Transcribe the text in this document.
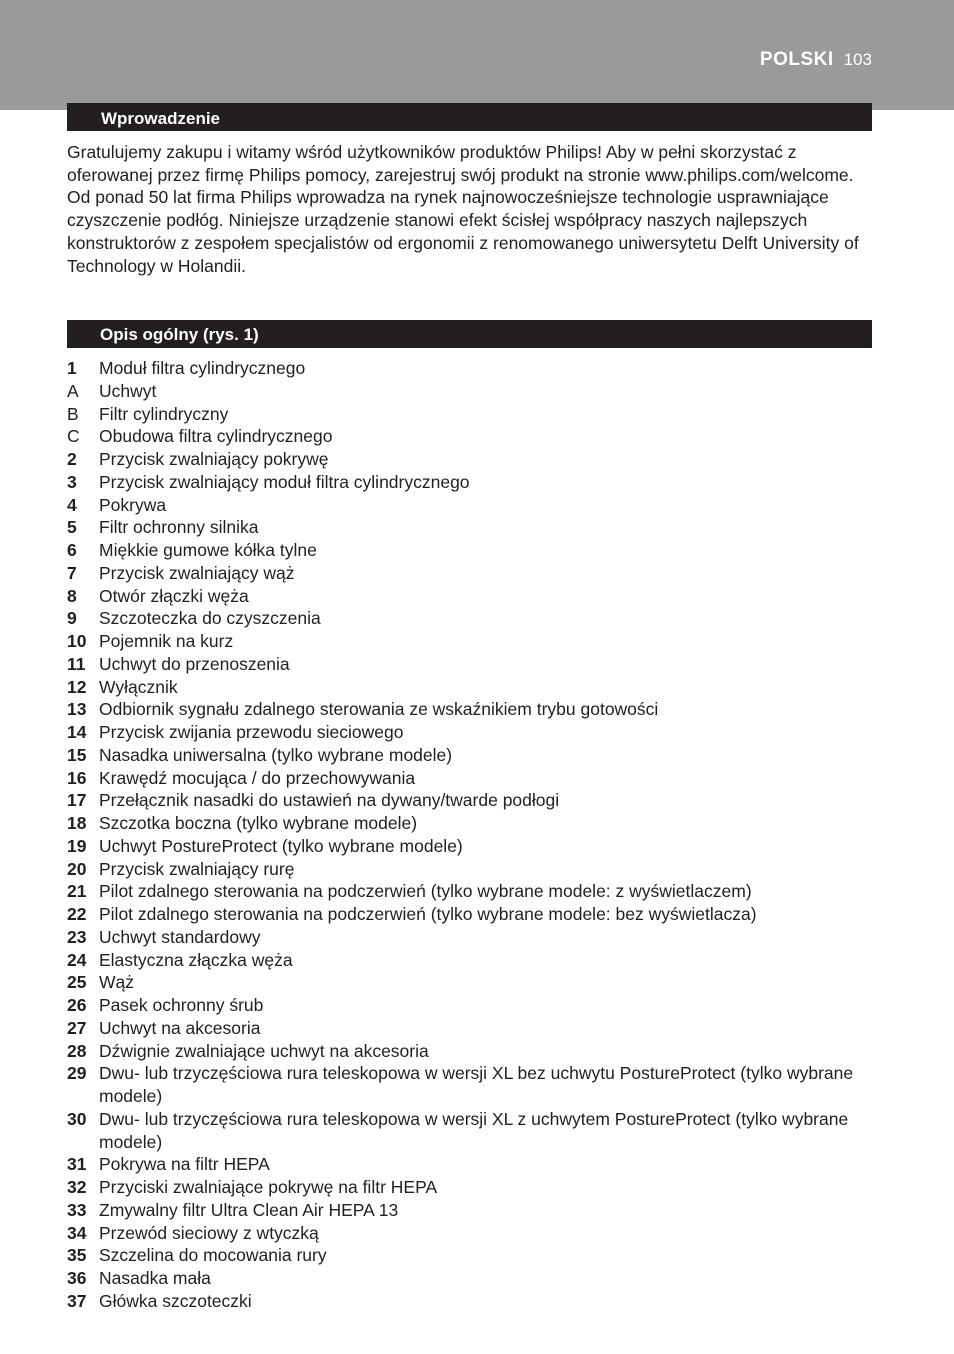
POLSKI 103
Wprowadzenie

Gratulujemy zakupu i witamy wśród użytkowników produktów Philips! Aby w pełni skorzystać z oferowanej przez firmę Philips pomocy, zarejestruj swój produkt na stronie www.philips.com/welcome.

Od ponad 50 lat firma Philips wprowadza na rynek najnowocześniejsze technologie usprawniające czyszczenie podłóg. Niniejsze urządzenie stanowi efekt ścisłej współpracy naszych najlepszych konstruktorów z zespołem specjalistów od ergonomii z renomowanego uniwersytetu Delft University of Technology w Holandii.

Opis ogólny (rys. 1)
1	Moduł filtra cylindrycznego
A	Uchwyt
B	Filtr cylindryczny
C	Obudowa filtra cylindrycznego
2	Przycisk zwalniający pokrywę
3	Przycisk zwalniający moduł filtra cylindrycznego
4	Pokrywa
5	Filtr ochronny silnika
6	Miękkie gumowe kółka tylne
7	Przycisk zwalniający wąż
8	Otwór złączki węża
9	Szczoteczka do czyszczenia
10 Pojemnik na kurz
11 Uchwyt do przenoszenia
12 Wyłącznik
13 Odbiornik sygnału zdalnego sterowania ze wskaźnikiem trybu gotowości
14 Przycisk zwijania przewodu sieciowego
15 Nasadka uniwersalna (tylko wybrane modele)
16 Krawędź mocująca / do przechowywania
17 Przełącznik nasadki do ustawień na dywany/twarde podłogi
18 Szczotka boczna (tylko wybrane modele)
19 Uchwyt PostureProtect (tylko wybrane modele)
20 Przycisk zwalniający rurę
21 Pilot zdalnego sterowania na podczerwień (tylko wybrane modele: z wyświetlaczem)
22 Pilot zdalnego sterowania na podczerwień (tylko wybrane modele: bez wyświetlacza)
23 Uchwyt standardowy
24 Elastyczna złączka węża
25 Wąż
26 Pasek ochronny śrub
27 Uchwyt na akcesoria
28 Dźwignie zwalniające uchwyt na akcesoria
29 Dwu- lub trzyczęściowa rura teleskopowa w wersji XL bez uchwytu PostureProtect (tylko wybrane modele)
30 Dwu- lub trzyczęściowa rura teleskopowa w wersji XL z uchwytem PostureProtect (tylko wybrane modele)
31 Pokrywa na filtr HEPA
32 Przyciski zwalniające pokrywę na filtr HEPA
33 Zmywalny filtr Ultra Clean Air HEPA 13
34 Przewód sieciowy z wtyczką
35 Szczelina do mocowania rury
36 Nasadka mała
37 Główka szczoteczki
